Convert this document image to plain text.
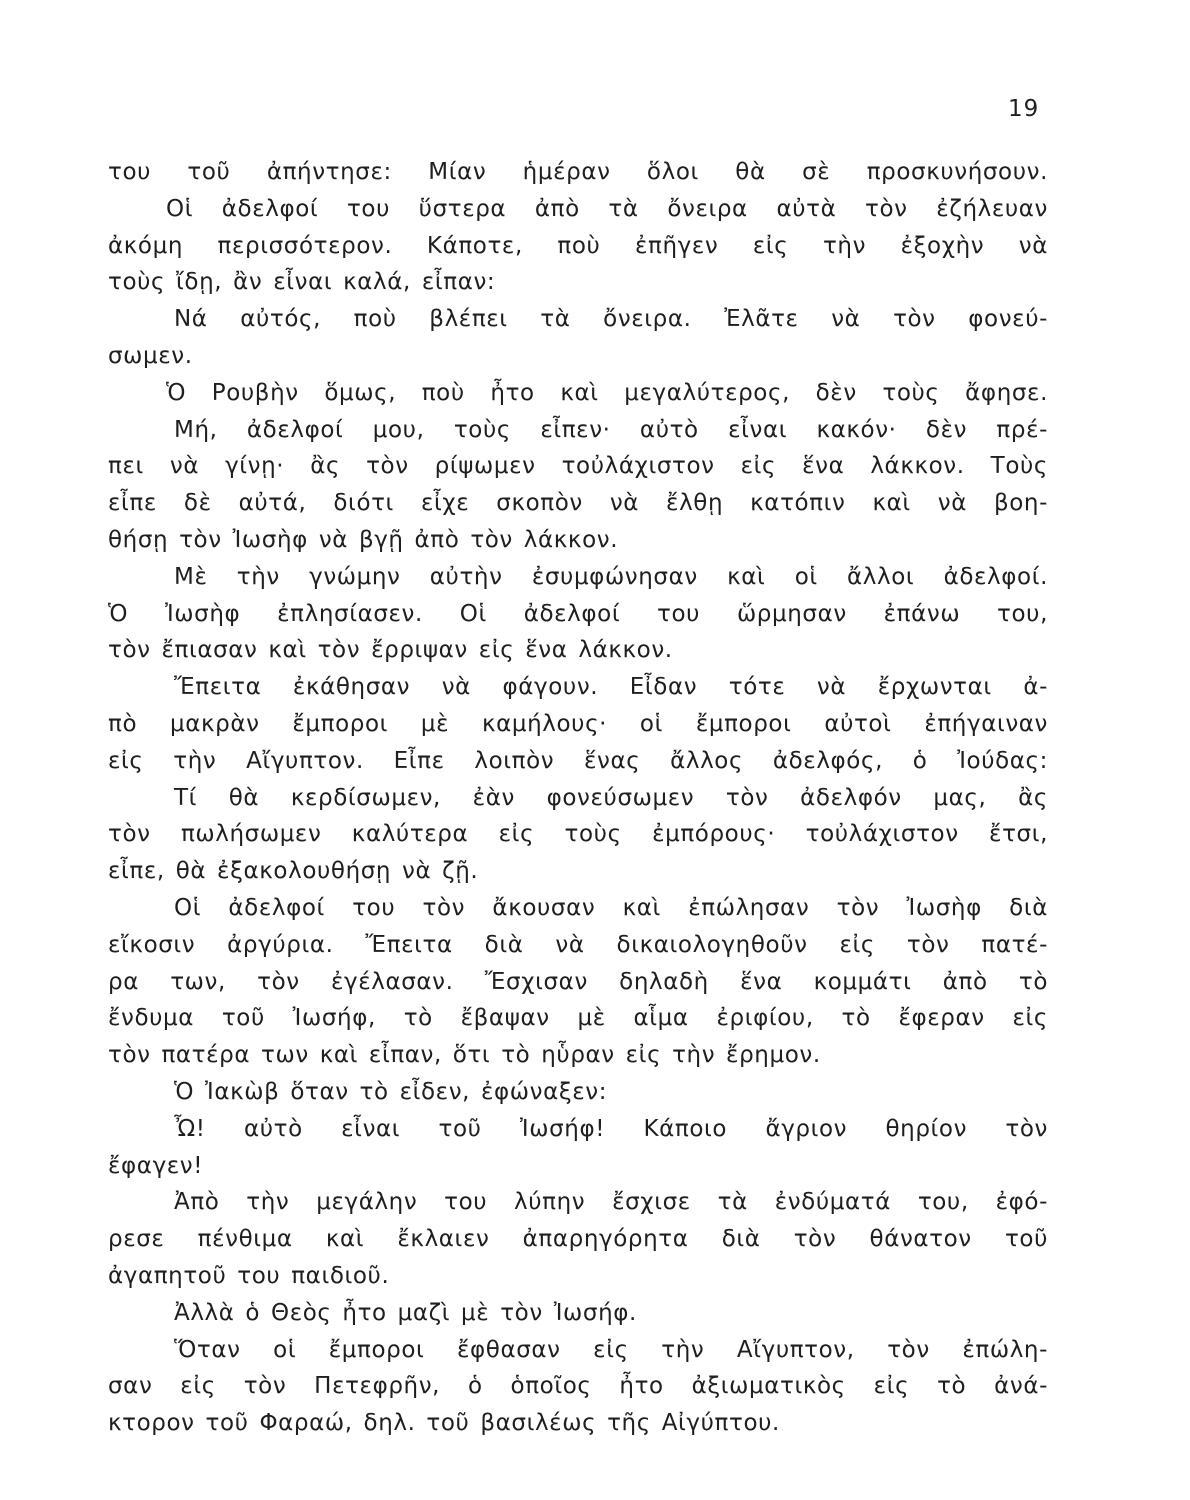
19
του τοῦ ἀπήντησε: Μίαν ἡμέραν ὅλοι θὰ σὲ προσκυνήσουν.
Οἱ ἀδελφοί του ὕστερα ἀπὸ τὰ ὄνειρα αὐτὰ τὸν ἐζήλευαν
ἀκόμη περισσότερον. Κάποτε, ποὺ ἐπῆγεν εἰς τὴν ἐξοχὴν νὰ
τοὺς ἴδῃ, ἂν εἶναι καλά, εἶπαν:
Νά αὐτός, ποὺ βλέπει τὰ ὄνειρα. Ἐλᾶτε νὰ τὸν φονεύ-
σωμεν.
Ὁ Ρουβὴν ὅμως, ποὺ ἦτο καὶ μεγαλύτερος, δὲν τοὺς ἄφησε.
Μή, ἀδελφοί μου, τοὺς εἶπεν· αὐτὸ εἶναι κακόν· δὲν πρέ-
πει νὰ γίνῃ· ἂς τὸν ρίψωμεν τοὐλάχιστον εἰς ἕνα λάκκον. Τοὺς
εἶπε δὲ αὐτά, διότι εἶχε σκοπὸν νὰ ἔλθῃ κατόπιν καὶ νὰ βοη-
θήσῃ τὸν Ἰωσὴφ νὰ βγῇ ἀπὸ τὸν λάκκον.
Μὲ τὴν γνώμην αὐτὴν ἐσυμφώνησαν καὶ οἱ ἄλλοι ἀδελφοί.
Ὁ Ἰωσὴφ ἐπλησίασεν. Οἱ ἀδελφοί του ὥρμησαν ἐπάνω του,
τὸν ἔπιασαν καὶ τὸν ἔρριψαν εἰς ἕνα λάκκον.
Ἔπειτα ἐκάθησαν νὰ φάγουν. Εἶδαν τότε νὰ ἔρχωνται ἀ-
πὸ μακρὰν ἔμποροι μὲ καμήλους· οἱ ἔμποροι αὐτοὶ ἐπήγαιναν
εἰς τὴν Αἴγυπτον. Εἶπε λοιπὸν ἕνας ἄλλος ἀδελφός, ὁ Ἰούδας:
Τί θὰ κερδίσωμεν, ἐὰν φονεύσωμεν τὸν ἀδελφόν μας, ἂς
τὸν πωλήσωμεν καλύτερα εἰς τοὺς ἐμπόρους· τοὐλάχιστον ἔτσι,
εἶπε, θὰ ἐξακολουθήσῃ νὰ ζῇ.
Οἱ ἀδελφοί του τὸν ἄκουσαν καὶ ἐπώλησαν τὸν Ἰωσὴφ διὰ
εἴκοσιν ἀργύρια. Ἔπειτα διὰ νὰ δικαιολογηθοῦν εἰς τὸν πατέ-
ρα των, τὸν ἐγέλασαν. Ἔσχισαν δηλαδὴ ἕνα κομμάτι ἀπὸ τὸ
ἔνδυμα τοῦ Ἰωσήφ, τὸ ἔβαψαν μὲ αἷμα ἐριφίου, τὸ ἔφεραν εἰς
τὸν πατέρα των καὶ εἶπαν, ὅτι τὸ ηὗραν εἰς τὴν ἔρημον.
Ὁ Ἰακὼβ ὅταν τὸ εἶδεν, ἐφώναξεν:
Ὦ! αὐτὸ εἶναι τοῦ Ἰωσήφ! Κάποιο ἄγριον θηρίον τὸν
ἔφαγεν!
Ἀπὸ τὴν μεγάλην του λύπην ἔσχισε τὰ ἐνδύματά του, ἐφό-
ρεσε πένθιμα καὶ ἔκλαιεν ἀπαρηγόρητα διὰ τὸν θάνατον τοῦ
ἀγαπητοῦ του παιδιοῦ.
Ἀλλὰ ὁ Θεὸς ἦτο μαζὶ μὲ τὸν Ἰωσήφ.
Ὅταν οἱ ἔμποροι ἔφθασαν εἰς τὴν Αἴγυπτον, τὸν ἐπώλη-
σαν εἰς τὸν Πετεφρῆν, ὁ ὁποῖος ἦτο ἀξιωματικὸς εἰς τὸ ἀνά-
κτορον τοῦ Φαραώ, δηλ. τοῦ βασιλέως τῆς Αἰγύπτου.
